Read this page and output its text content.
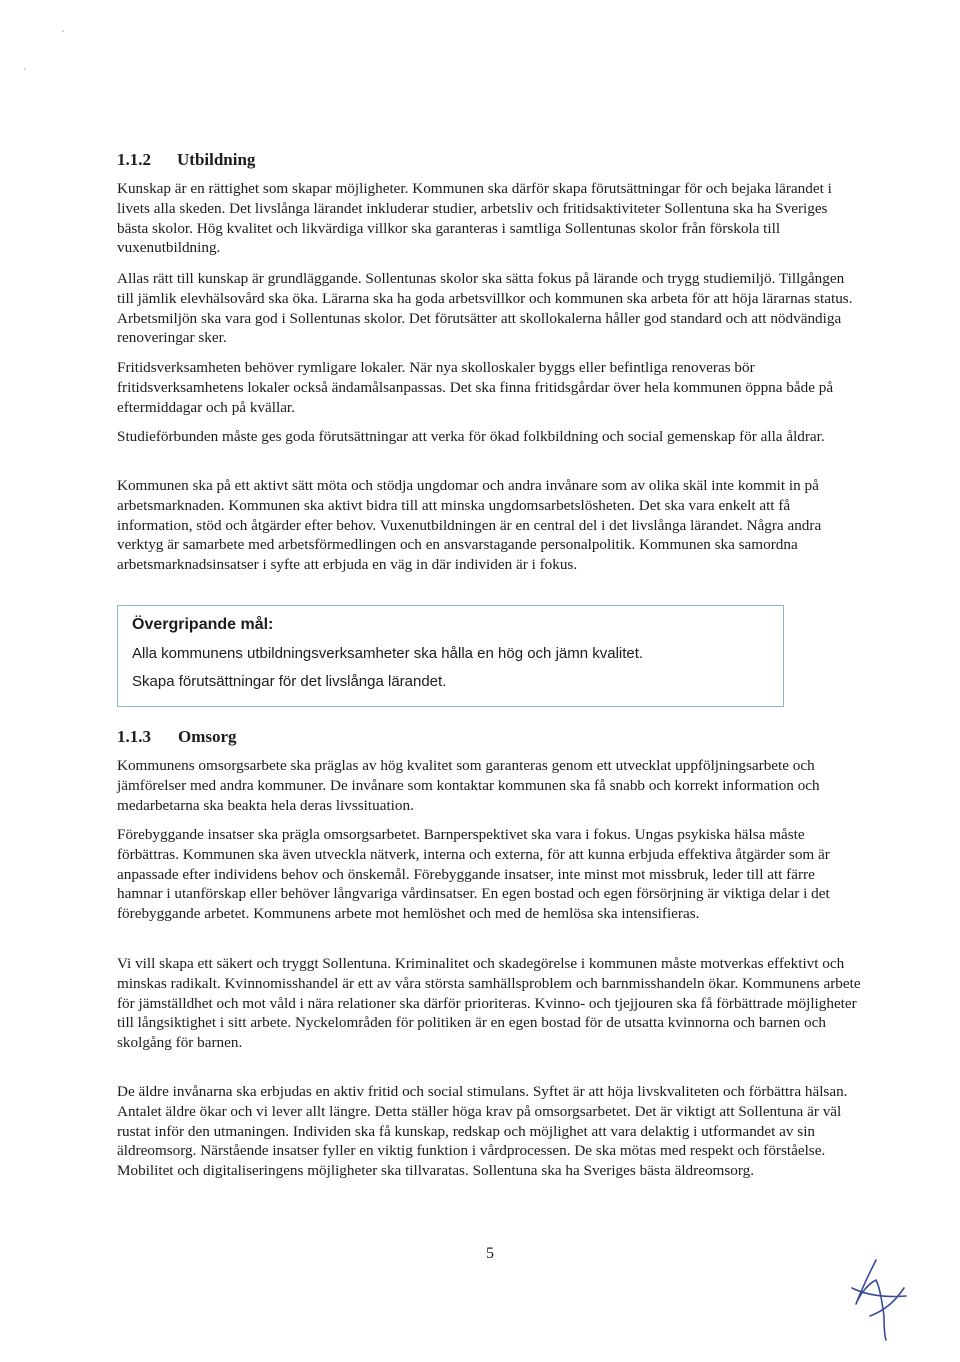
1.1.2 Utbildning

Kunskap är en rättighet som skapar möjligheter. Kommunen ska därför skapa förutsättningar för och bejaka lärandet i livets alla skeden. Det livslånga lärandet inkluderar studier, arbetsliv och fritidsaktiviteter Sollentuna ska ha Sveriges bästa skolor. Hög kvalitet och likvärdiga villkor ska garanteras i samtliga Sollentunas skolor från förskola till vuxenutbildning.

Allas rätt till kunskap är grundläggande. Sollentunas skolor ska sätta fokus på lärande och trygg studiemiljö. Tillgången till jämlik elevhälsovård ska öka. Lärarna ska ha goda arbetsvillkor och kommunen ska arbeta för att höja lärarnas status. Arbetsmiljön ska vara god i Sollentunas skolor. Det förutsätter att skollokalerna håller god standard och att nödvändiga renoveringar sker.

Fritidsverksamheten behöver rymligare lokaler. När nya skolloskaler byggs eller befintliga renoveras bör fritidsverksamhetens lokaler också ändamålsanpassas. Det ska finna fritidsgårdar över hela kommunen öppna både på eftermiddagar och på kvällar.

Studieförbunden måste ges goda förutsättningar att verka för ökad folkbildning och social gemenskap för alla åldrar.

Kommunen ska på ett aktivt sätt möta och stödja ungdomar och andra invånare som av olika skäl inte kommit in på arbetsmarknaden. Kommunen ska aktivt bidra till att minska ungdomsarbetslösheten. Det ska vara enkelt att få information, stöd och åtgärder efter behov. Vuxenutbildningen är en central del i det livslånga lärandet. Några andra verktyg är samarbete med arbetsförmedlingen och en ansvarstagande personalpolitik. Kommunen ska samordna arbetsmarknadsinsatser i syfte att erbjuda en väg in där individen är i fokus.

Övergripande mål:

Alla kommunens utbildningsverksamheter ska hålla en hög och jämn kvalitet.

Skapa förutsättningar för det livslånga lärandet.

1.1.3 Omsorg

Kommunens omsorgsarbete ska präglas av hög kvalitet som garanteras genom ett utvecklat uppföljningsarbete och jämförelser med andra kommuner. De invånare som kontaktar kommunen ska få snabb och korrekt information och medarbetarna ska beakta hela deras livssituation.

Förebyggande insatser ska prägla omsorgsarbetet. Barnperspektivet ska vara i fokus. Ungas psykiska hälsa måste förbättras. Kommunen ska även utveckla nätverk, interna och externa, för att kunna erbjuda effektiva åtgärder som är anpassade efter individens behov och önskemål. Förebyggande insatser, inte minst mot missbruk, leder till att färre hamnar i utanförskap eller behöver långvariga vårdinsatser. En egen bostad och egen försörjning är viktiga delar i det förebyggande arbetet. Kommunens arbete mot hemlöshet och med de hemlösa ska intensifieras.

Vi vill skapa ett säkert och tryggt Sollentuna. Kriminalitet och skadegörelse i kommunen måste motverkas effektivt och minskas radikalt. Kvinnomisshandel är ett av våra största samhällsproblem och barnmisshandeln ökar. Kommunens arbete för jämställdhet och mot våld i nära relationer ska därför prioriteras. Kvinno- och tjejjouren ska få förbättrade möjligheter till långsiktighet i sitt arbete. Nyckelområden för politiken är en egen bostad för de utsatta kvinnorna och barnen och skolgång för barnen.

De äldre invånarna ska erbjudas en aktiv fritid och social stimulans. Syftet är att höja livskvaliteten och förbättra hälsan. Antalet äldre ökar och vi lever allt längre. Detta ställer höga krav på omsorgsarbetet. Det är viktigt att Sollentuna är väl rustat inför den utmaningen. Individen ska få kunskap, redskap och möjlighet att vara delaktig i utformandet av sin äldreomsorg. Närstående insatser fyller en viktig funktion i vårdprocessen. De ska mötas med respekt och förståelse. Mobilitet och digitaliseringens möjligheter ska tillvaratas. Sollentuna ska ha Sveriges bästa äldreomsorg.

5
